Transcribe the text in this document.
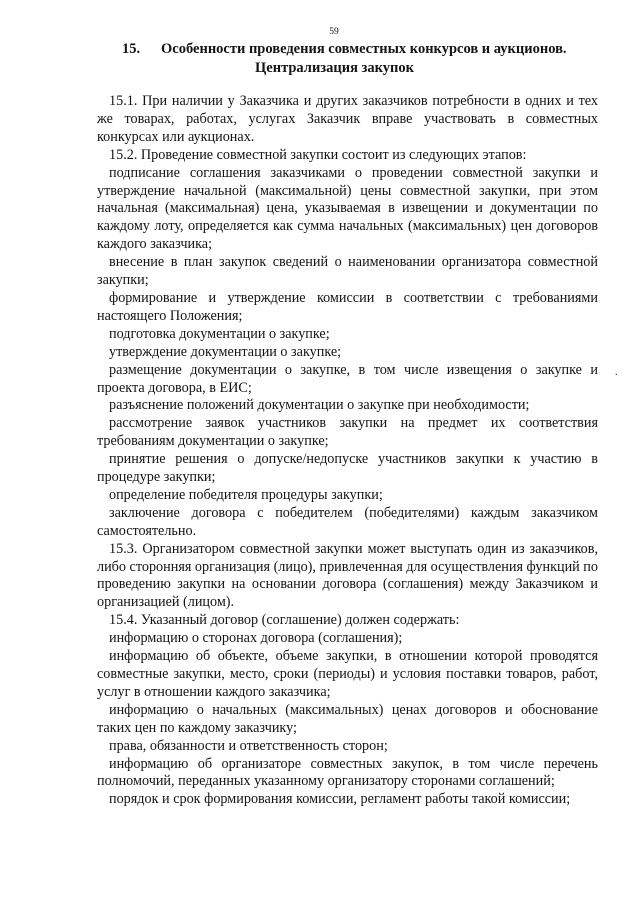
59
15. Особенности проведения совместных конкурсов и аукционов.
Централизация закупок

15.1. При наличии у Заказчика и других заказчиков потребности в одних и тех же товарах, работах, услугах Заказчик вправе участвовать в совместных конкурсах или аукционах.

15.2. Проведение совместной закупки состоит из следующих этапов:

подписание соглашения заказчиками о проведении совместной закупки и утверждение начальной (максимальной) цены совместной закупки, при этом начальная (максимальная) цена, указываемая в извещении и документации по каждому лоту, определяется как сумма начальных (максимальных) цен договоров каждого заказчика;

внесение в план закупок сведений о наименовании организатора совместной закупки;

формирование и утверждение комиссии в соответствии с требованиями настоящего Положения;

подготовка документации о закупке;

утверждение документации о закупке;

размещение документации о закупке, в том числе извещения о закупке и проекта договора, в ЕИС;

разъяснение положений документации о закупке при необходимости;

рассмотрение заявок участников закупки на предмет их соответствия требованиям документации о закупке;

принятие решения о допуске/недопуске участников закупки к участию в процедуре закупки;

определение победителя процедуры закупки;

заключение договора с победителем (победителями) каждым заказчиком самостоятельно.

15.3. Организатором совместной закупки может выступать один из заказчиков, либо сторонняя организация (лицо), привлеченная для осуществления функций по проведению закупки на основании договора (соглашения) между Заказчиком и организацией (лицом).

15.4. Указанный договор (соглашение) должен содержать:

информацию о сторонах договора (соглашения);

информацию об объекте, объеме закупки, в отношении которой проводятся совместные закупки, место, сроки (периоды) и условия поставки товаров, работ, услуг в отношении каждого заказчика;

информацию о начальных (максимальных) ценах договоров и обоснование таких цен по каждому заказчику;

права, обязанности и ответственность сторон;

информацию об организаторе совместных закупок, в том числе перечень полномочий, переданных указанному организатору сторонами соглашений;

порядок и срок формирования комиссии, регламент работы такой комиссии;

.
